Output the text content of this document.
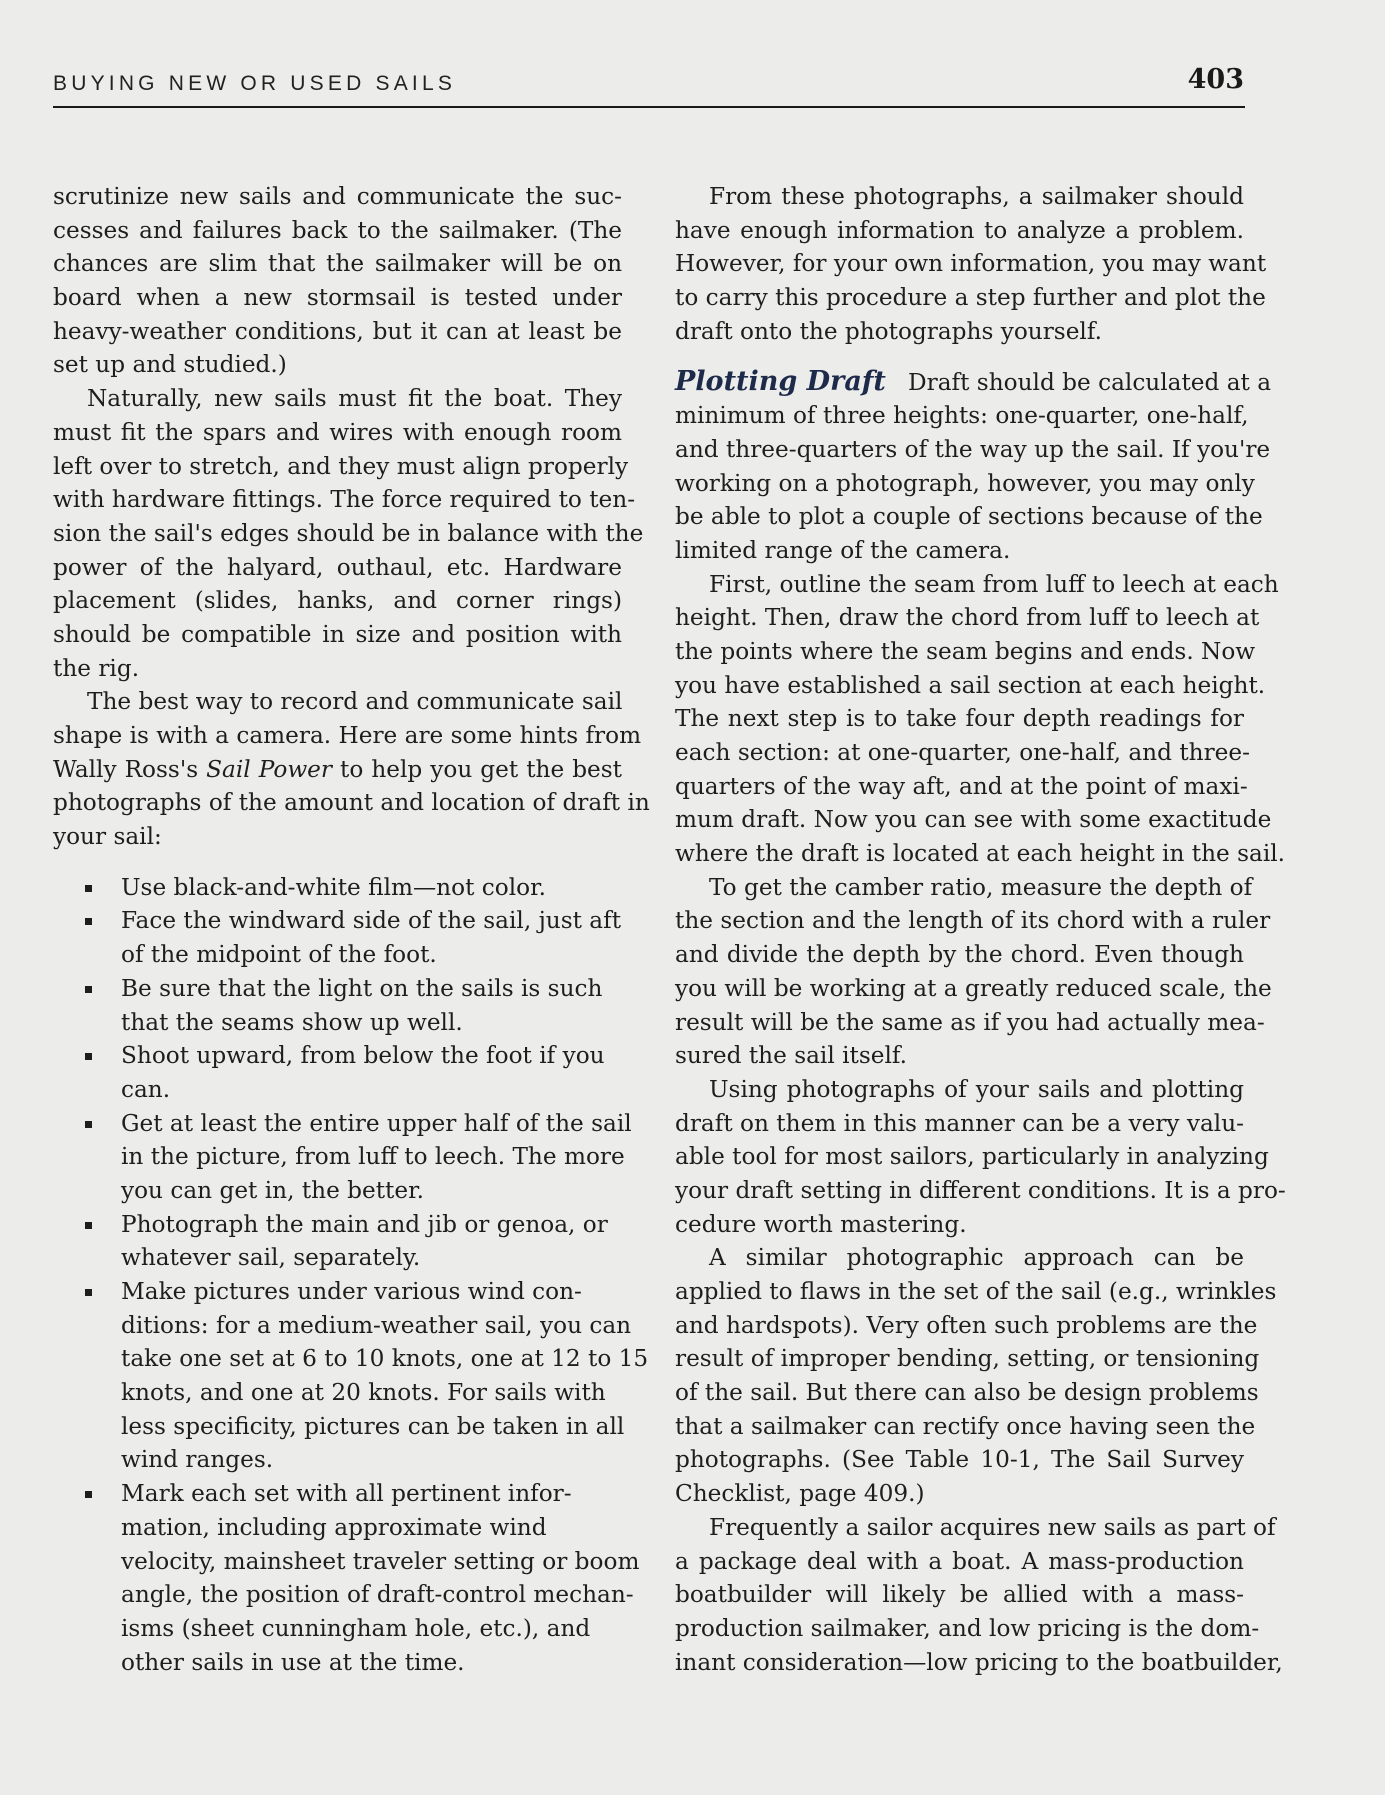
BUYING NEW OR USED SAILS	403
scrutinize new sails and communicate the suc-
cesses and failures back to the sailmaker. (The
chances are slim that the sailmaker will be on
board when a new stormsail is tested under
heavy-weather conditions, but it can at least be
set up and studied.)
Naturally, new sails must fit the boat. They
must fit the spars and wires with enough room
left over to stretch, and they must align properly
with hardware fittings. The force required to ten-
sion the sail's edges should be in balance with the
power of the halyard, outhaul, etc. Hardware
placement (slides, hanks, and corner rings)
should be compatible in size and position with
the rig.
The best way to record and communicate sail
shape is with a camera. Here are some hints from
Wally Ross's Sail Power to help you get the best
photographs of the amount and location of draft in
your sail:
Use black-and-white film—not color.
Face the windward side of the sail, just aft
of the midpoint of the foot.
Be sure that the light on the sails is such
that the seams show up well.
Shoot upward, from below the foot if you
can.
Get at least the entire upper half of the sail
in the picture, from luff to leech. The more
you can get in, the better.
Photograph the main and jib or genoa, or
whatever sail, separately.
Make pictures under various wind con-
ditions: for a medium-weather sail, you can
take one set at 6 to 10 knots, one at 12 to 15
knots, and one at 20 knots. For sails with
less specificity, pictures can be taken in all
wind ranges.
Mark each set with all pertinent infor-
mation, including approximate wind
velocity, mainsheet traveler setting or boom
angle, the position of draft-control mechan-
isms (sheet cunningham hole, etc.), and
other sails in use at the time.
From these photographs, a sailmaker should
have enough information to analyze a problem.
However, for your own information, you may want
to carry this procedure a step further and plot the
draft onto the photographs yourself.
Plotting Draft Draft should be calculated at a
minimum of three heights: one-quarter, one-half,
and three-quarters of the way up the sail. If you're
working on a photograph, however, you may only
be able to plot a couple of sections because of the
limited range of the camera.
First, outline the seam from luff to leech at each
height. Then, draw the chord from luff to leech at
the points where the seam begins and ends. Now
you have established a sail section at each height.
The next step is to take four depth readings for
each section: at one-quarter, one-half, and three-
quarters of the way aft, and at the point of maxi-
mum draft. Now you can see with some exactitude
where the draft is located at each height in the sail.
To get the camber ratio, measure the depth of
the section and the length of its chord with a ruler
and divide the depth by the chord. Even though
you will be working at a greatly reduced scale, the
result will be the same as if you had actually mea-
sured the sail itself.
Using photographs of your sails and plotting
draft on them in this manner can be a very valu-
able tool for most sailors, particularly in analyzing
your draft setting in different conditions. It is a pro-
cedure worth mastering.
A similar photographic approach can be
applied to flaws in the set of the sail (e.g., wrinkles
and hardspots). Very often such problems are the
result of improper bending, setting, or tensioning
of the sail. But there can also be design problems
that a sailmaker can rectify once having seen the
photographs. (See Table 10-1, The Sail Survey
Checklist, page 409.)
Frequently a sailor acquires new sails as part of
a package deal with a boat. A mass-production
boatbuilder will likely be allied with a mass-
production sailmaker, and low pricing is the dom-
inant consideration—low pricing to the boatbuilder,
